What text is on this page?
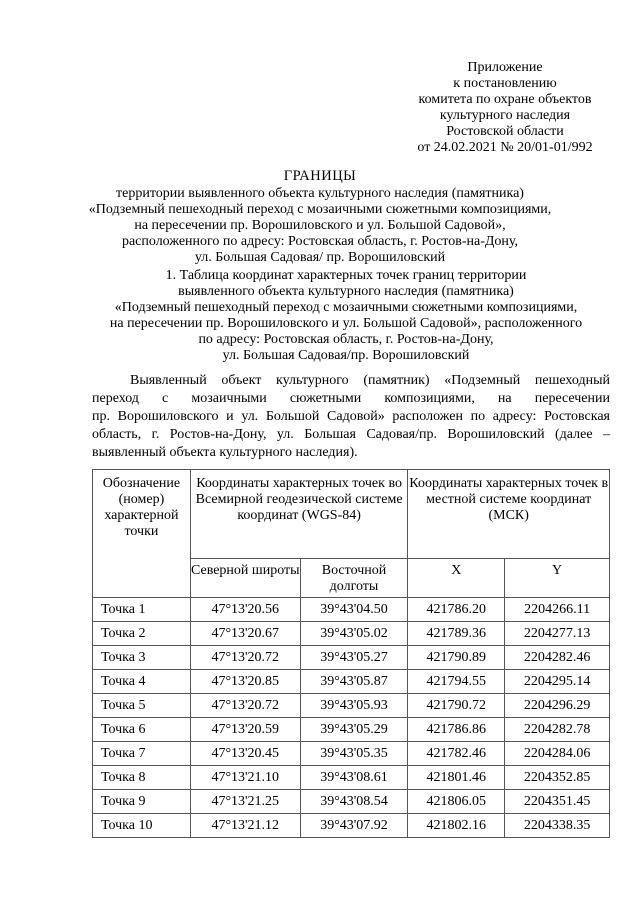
Приложение
к постановлению
комитета по охране объектов
культурного наследия
Ростовской области
от 24.02.2021 № 20/01-01/992
ГРАНИЦЫ
территории выявленного объекта культурного наследия (памятника)
«Подземный пешеходный переход с мозаичными сюжетными композициями,
на пересечении пр. Ворошиловского и ул. Большой Садовой»,
расположенного по адресу: Ростовская область, г. Ростов-на-Дону,
ул. Большая Садовая/ пр. Ворошиловский
1. Таблица координат характерных точек границ территории
выявленного объекта культурного наследия (памятника)
«Подземный пешеходный переход с мозаичными сюжетными композициями,
на пересечении пр. Ворошиловского и ул. Большой Садовой», расположенного
по адресу: Ростовская область, г. Ростов-на-Дону,
ул. Большая Садовая/пр. Ворошиловский
Выявленный объект культурного (памятник) «Подземный пешеходный
переход с мозаичными сюжетными композициями, на пересечении
пр. Ворошиловского и ул. Большой Садовой» расположен по адресу: Ростовская
область, г. Ростов-на-Дону, ул. Большая Садовая/пр. Ворошиловский (далее –
выявленный объекта культурного наследия).
Обозначение (номер) характерной точки	Координаты характерных точек во Всемирной геодезической системе координат (WGS-84)		Координаты характерных точек в местной системе координат (МСК)	
	Северной широты	Восточной долготы	X	Y
Точка 1	47°13'20.56	39°43'04.50	421786.20	2204266.11
Точка 2	47°13'20.67	39°43'05.02	421789.36	2204277.13
Точка 3	47°13'20.72	39°43'05.27	421790.89	2204282.46
Точка 4	47°13'20.85	39°43'05.87	421794.55	2204295.14
Точка 5	47°13'20.72	39°43'05.93	421790.72	2204296.29
Точка 6	47°13'20.59	39°43'05.29	421786.86	2204282.78
Точка 7	47°13'20.45	39°43'05.35	421782.46	2204284.06
Точка 8	47°13'21.10	39°43'08.61	421801.46	2204352.85
Точка 9	47°13'21.25	39°43'08.54	421806.05	2204351.45
Точка 10	47°13'21.12	39°43'07.92	421802.16	2204338.35
